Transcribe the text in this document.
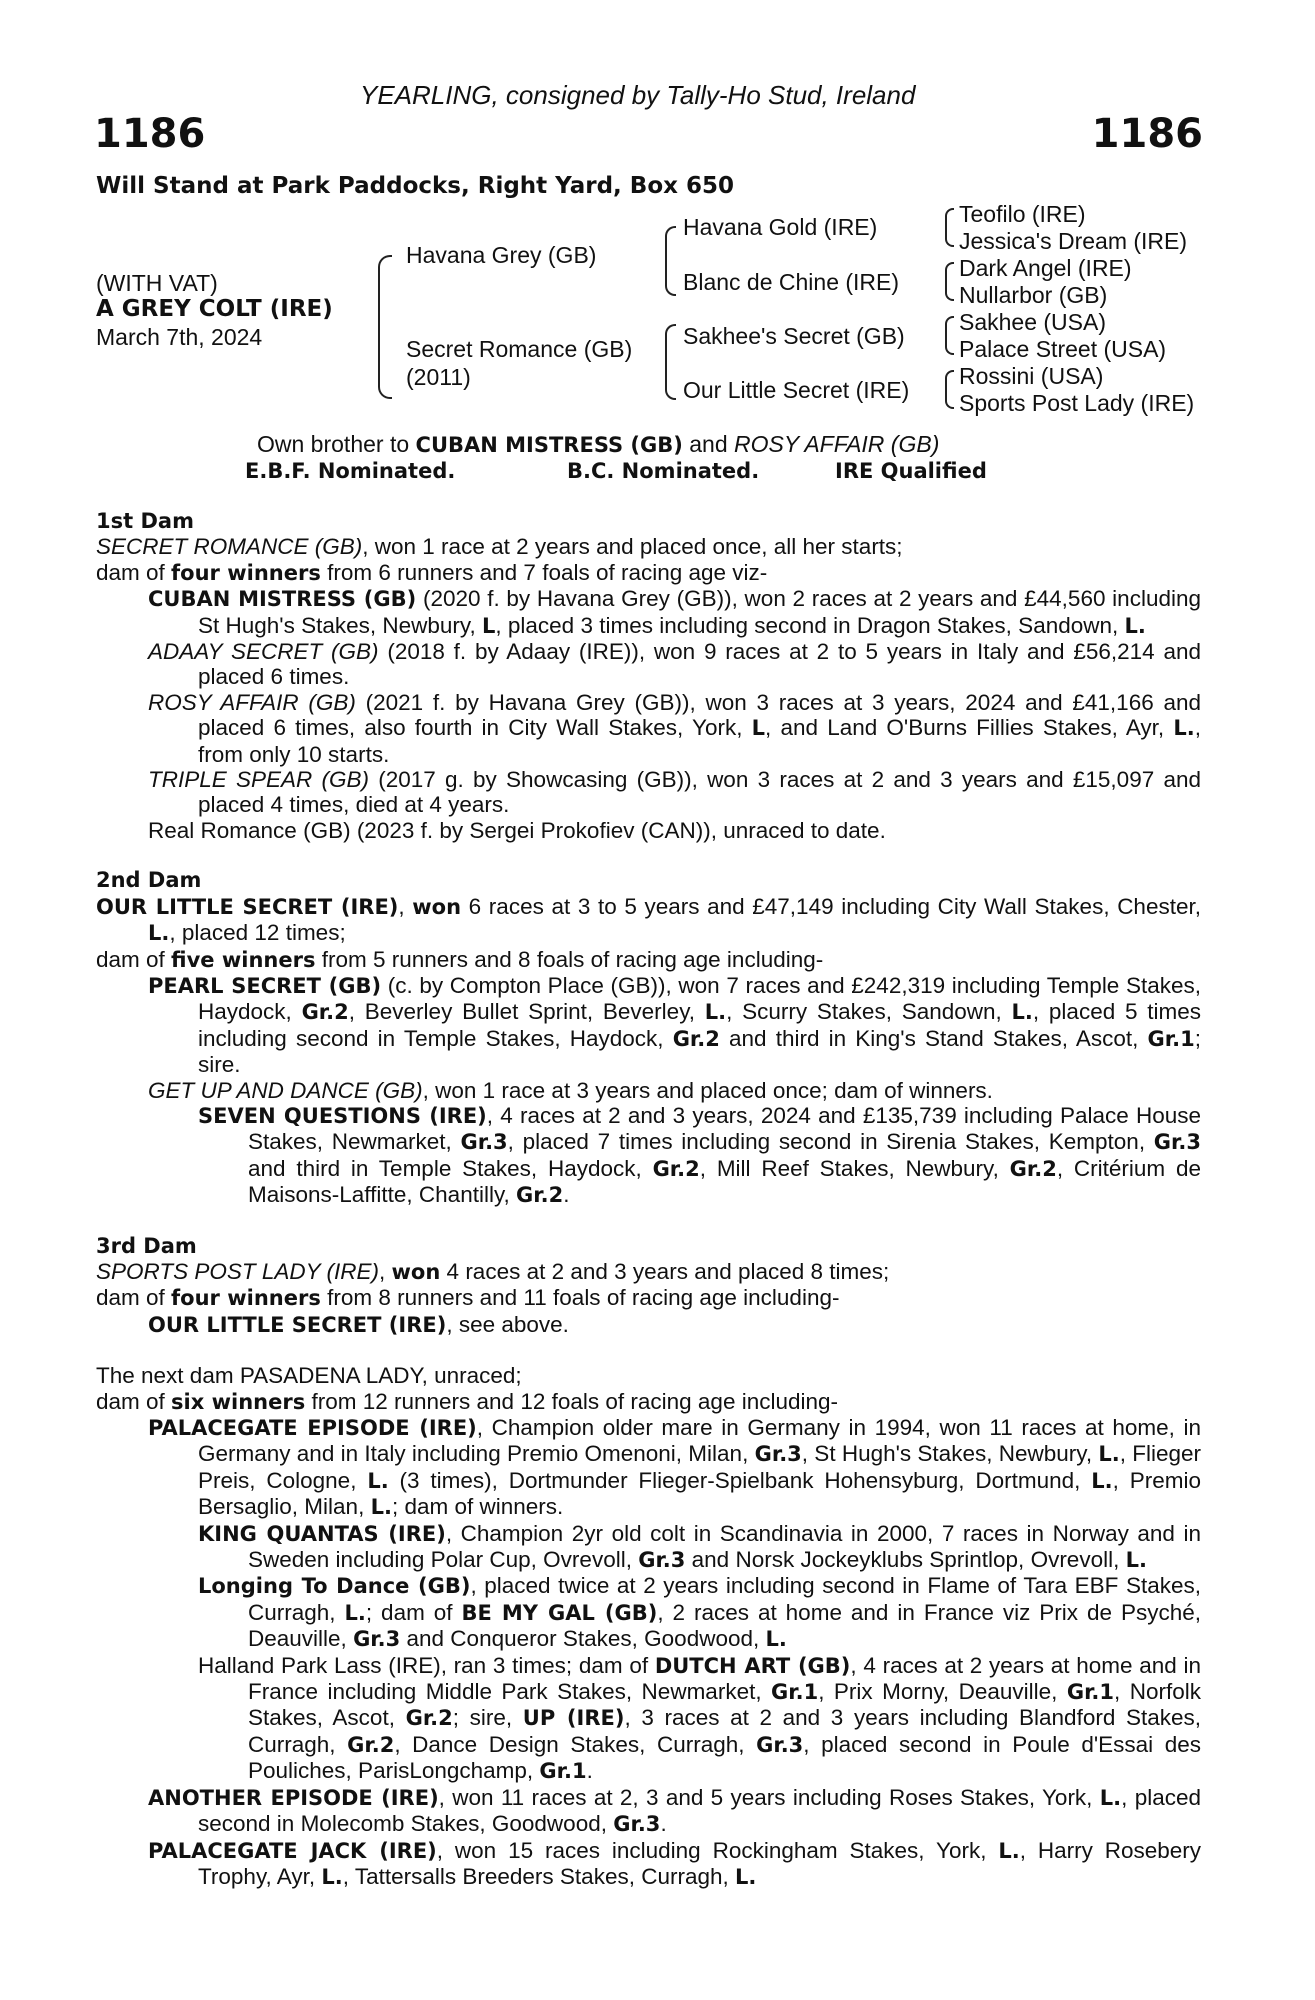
YEARLING, consigned by Tally-Ho Stud, Ireland
1186	1186
Will Stand at Park Paddocks, Right Yard, Box 650
(WITH VAT)
A GREY COLT (IRE)
March 7th, 2024
Havana Grey (GB)
Secret Romance (GB)
(2011)
Havana Gold (IRE)
Blanc de Chine (IRE)
Sakhee's Secret (GB)
Our Little Secret (IRE)
Teofilo (IRE)
Jessica's Dream (IRE)
Dark Angel (IRE)
Nullarbor (GB)
Sakhee (USA)
Palace Street (USA)
Rossini (USA)
Sports Post Lady (IRE)
Own brother to CUBAN MISTRESS (GB) and ROSY AFFAIR (GB)
E.B.F. Nominated.	B.C. Nominated.	IRE Qualified

1st Dam

SECRET ROMANCE (GB), won 1 race at 2 years and placed once, all her starts;

dam of four winners from 6 runners and 7 foals of racing age viz-

CUBAN MISTRESS (GB) (2020 f. by Havana Grey (GB)), won 2 races at 2 years and £44,560 including St Hugh's Stakes, Newbury, L, placed 3 times including second in Dragon Stakes, Sandown, L.

ADAAY SECRET (GB) (2018 f. by Adaay (IRE)), won 9 races at 2 to 5 years in Italy and £56,214 and placed 6 times.

ROSY AFFAIR (GB) (2021 f. by Havana Grey (GB)), won 3 races at 3 years, 2024 and £41,166 and placed 6 times, also fourth in City Wall Stakes, York, L, and Land O'Burns Fillies Stakes, Ayr, L., from only 10 starts.

TRIPLE SPEAR (GB) (2017 g. by Showcasing (GB)), won 3 races at 2 and 3 years and £15,097 and placed 4 times, died at 4 years.

Real Romance (GB) (2023 f. by Sergei Prokofiev (CAN)), unraced to date.

2nd Dam

OUR LITTLE SECRET (IRE), won 6 races at 3 to 5 years and £47,149 including City Wall Stakes, Chester, L., placed 12 times;

dam of five winners from 5 runners and 8 foals of racing age including-

PEARL SECRET (GB) (c. by Compton Place (GB)), won 7 races and £242,319 including Temple Stakes, Haydock, Gr.2, Beverley Bullet Sprint, Beverley, L., Scurry Stakes, Sandown, L., placed 5 times including second in Temple Stakes, Haydock, Gr.2 and third in King's Stand Stakes, Ascot, Gr.1; sire.

GET UP AND DANCE (GB), won 1 race at 3 years and placed once; dam of winners.

SEVEN QUESTIONS (IRE), 4 races at 2 and 3 years, 2024 and £135,739 including Palace House Stakes, Newmarket, Gr.3, placed 7 times including second in Sirenia Stakes, Kempton, Gr.3 and third in Temple Stakes, Haydock, Gr.2, Mill Reef Stakes, Newbury, Gr.2, Critérium de Maisons-Laffitte, Chantilly, Gr.2.

3rd Dam

SPORTS POST LADY (IRE), won 4 races at 2 and 3 years and placed 8 times;

dam of four winners from 8 runners and 11 foals of racing age including-

OUR LITTLE SECRET (IRE), see above.

The next dam PASADENA LADY, unraced;

dam of six winners from 12 runners and 12 foals of racing age including-

PALACEGATE EPISODE (IRE), Champion older mare in Germany in 1994, won 11 races at home, in Germany and in Italy including Premio Omenoni, Milan, Gr.3, St Hugh's Stakes, Newbury, L., Flieger Preis, Cologne, L. (3 times), Dortmunder Flieger-Spielbank Hohensyburg, Dortmund, L., Premio Bersaglio, Milan, L.; dam of winners.

KING QUANTAS (IRE), Champion 2yr old colt in Scandinavia in 2000, 7 races in Norway and in Sweden including Polar Cup, Ovrevoll, Gr.3 and Norsk Jockeyklubs Sprintlop, Ovrevoll, L.

Longing To Dance (GB), placed twice at 2 years including second in Flame of Tara EBF Stakes, Curragh, L.; dam of BE MY GAL (GB), 2 races at home and in France viz Prix de Psyché, Deauville, Gr.3 and Conqueror Stakes, Goodwood, L.

Halland Park Lass (IRE), ran 3 times; dam of DUTCH ART (GB), 4 races at 2 years at home and in France including Middle Park Stakes, Newmarket, Gr.1, Prix Morny, Deauville, Gr.1, Norfolk Stakes, Ascot, Gr.2; sire, UP (IRE), 3 races at 2 and 3 years including Blandford Stakes, Curragh, Gr.2, Dance Design Stakes, Curragh, Gr.3, placed second in Poule d'Essai des Pouliches, ParisLongchamp, Gr.1.

ANOTHER EPISODE (IRE), won 11 races at 2, 3 and 5 years including Roses Stakes, York, L., placed second in Molecomb Stakes, Goodwood, Gr.3.

PALACEGATE JACK (IRE), won 15 races including Rockingham Stakes, York, L., Harry Rosebery Trophy, Ayr, L., Tattersalls Breeders Stakes, Curragh, L.
